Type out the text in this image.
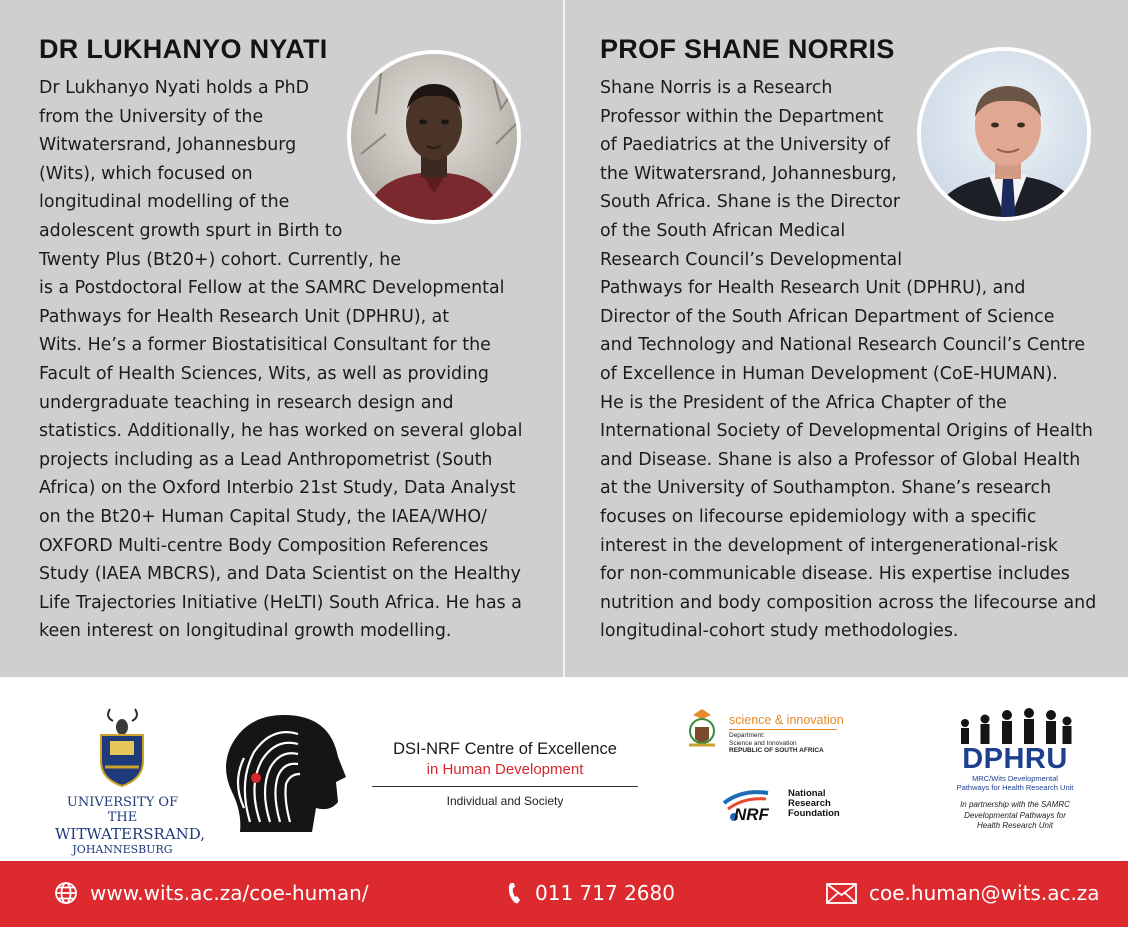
DR LUKHANYO NYATI
Dr Lukhanyo Nyati holds a PhD
from the University of the
Witwatersrand, Johannesburg
(Wits), which focused on
longitudinal modelling of the
adolescent growth spurt in Birth to
Twenty Plus (Bt20+) cohort. Currently, he
is a Postdoctoral Fellow at the SAMRC Developmental
Pathways for Health Research Unit (DPHRU), at
Wits. He’s a former Biostatisitical Consultant for the
Facult of Health Sciences, Wits, as well as providing
undergraduate teaching in research design and
statistics. Additionally, he has worked on several global
projects including as a Lead Anthropometrist (South
Africa) on the Oxford Interbio 21st Study, Data Analyst
on the Bt20+ Human Capital Study, the IAEA/WHO/
OXFORD Multi-centre Body Composition References
Study (IAEA MBCRS), and Data Scientist on the Healthy
Life Trajectories Initiative (HeLTI) South Africa. He has a
keen interest on longitudinal growth modelling.
PROF SHANE NORRIS
Shane Norris is a Research
Professor within the Department
of Paediatrics at the University of
the Witwatersrand, Johannesburg,
South Africa. Shane is the Director
of the South African Medical
Research Council’s Developmental
Pathways for Health Research Unit (DPHRU), and
Director of the South African Department of Science
and Technology and National Research Council’s Centre
of Excellence in Human Development (CoE-HUMAN).
He is the President of the Africa Chapter of the
International Society of Developmental Origins of Health
and Disease. Shane is also a Professor of Global Health
at the University of Southampton. Shane’s research
focuses on lifecourse epidemiology with a specific
interest in the development of intergenerational-risk
for non-communicable disease. His expertise includes
nutrition and body composition across the lifecourse and
longitudinal-cohort study methodologies.
UNIVERSITY OF THE
WITWATERSRAND,
JOHANNESBURG
DSI-NRF Centre of Excellence
in Human Development
Individual and Society
science & innovation
Department:
Science and Innovation
REPUBLIC OF SOUTH AFRICA
NRF
National
Research
Foundation
DPHRU
MRC/Wits Developmental
Pathways for Health Research Unit
In partnership with the SAMRC
Developmental Pathways for
Health Research Unit
www.wits.ac.za/coe-human/	011 717 2680	coe.human@wits.ac.za
